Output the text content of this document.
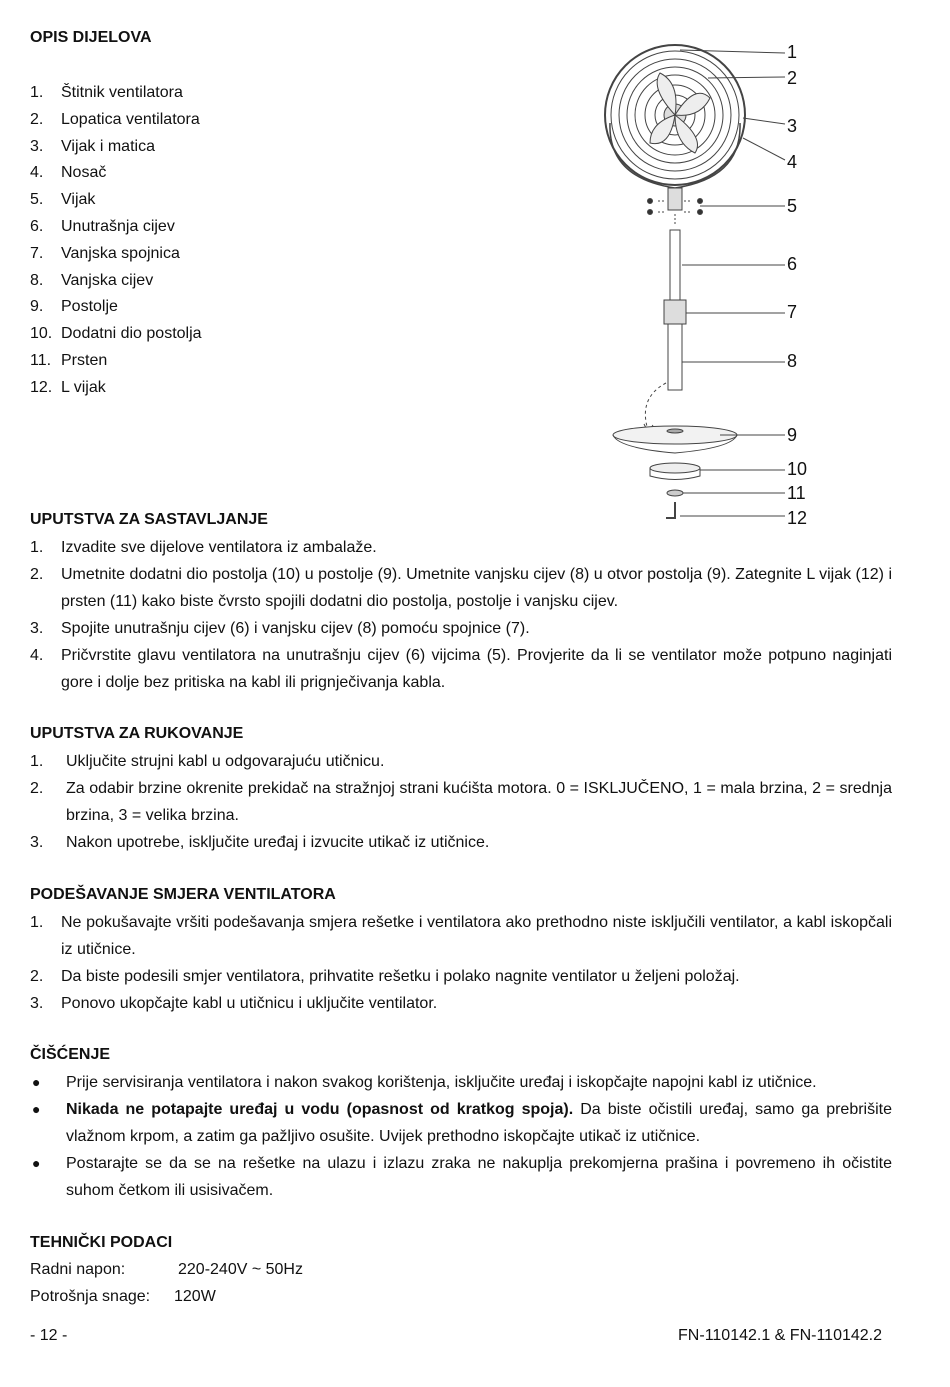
OPIS DIJELOVA
1. Štitnik ventilatora
2. Lopatica ventilatora
3. Vijak i matica
4. Nosač
5. Vijak
6. Unutrašnja cijev
7. Vanjska spojnica
8. Vanjska cijev
9. Postolje
10. Dodatni dio postolja
11. Prsten
12. L vijak
1
2
3
4
5
6
7
8
9
10
11
12
UPUTSTVA ZA SASTAVLJANJE
1.	Izvadite sve dijelove ventilatora iz ambalaže.
2.	Umetnite dodatni dio postolja (10) u postolje (9). Umetnite vanjsku cijev (8) u otvor postolja (9). Zategnite L vijak (12) i prsten (11) kako biste čvrsto spojili dodatni dio postolja, postolje i vanjsku cijev.
3.	Spojite unutrašnju cijev (6) i vanjsku cijev (8) pomoću spojnice (7).
4.	Pričvrstite glavu ventilatora na unutrašnju cijev (6) vijcima (5). Provjerite da li se ventilator može potpuno naginjati gore i dolje bez pritiska na kabl ili prignječivanja kabla.
UPUTSTVA ZA RUKOVANJE
1.	Uključite strujni kabl u odgovarajuću utičnicu.
2.	Za odabir brzine okrenite prekidač na stražnjoj strani kućišta motora. 0 = ISKLJUČENO, 1 = mala brzina, 2 = srednja brzina, 3 = velika brzina.
3.	Nakon upotrebe, isključite uređaj i izvucite utikač iz utičnice.
PODEŠAVANJE SMJERA VENTILATORA
1.	Ne pokušavajte vršiti podešavanja smjera rešetke i ventilatora ako prethodno niste isključili ventilator, a kabl iskopčali iz utičnice.
2.	Da biste podesili smjer ventilatora, prihvatite rešetku i polako nagnite ventilator u željeni položaj.
3.	Ponovo ukopčajte kabl u utičnicu i uključite ventilator.
ČIŠĆENJE
●	Prije servisiranja ventilatora i nakon svakog korištenja, isključite uređaj i iskopčajte napojni kabl iz utičnice.
●	Nikada ne potapajte uređaj u vodu (opasnost od kratkog spoja). Da biste očistili uređaj, samo ga prebrišite vlažnom krpom, a zatim ga pažljivo osušite. Uvijek prethodno iskopčajte utikač iz utičnice.
●	Postarajte se da se na rešetke na ulazu i izlazu zraka ne nakuplja prekomjerna prašina i povremeno ih očistite suhom četkom ili usisivačem.
TEHNIČKI PODACI
Radni napon:	220-240V ~ 50Hz
Potrošnja snage: 120W
- 12 -	FN-110142.1 & FN-110142.2
